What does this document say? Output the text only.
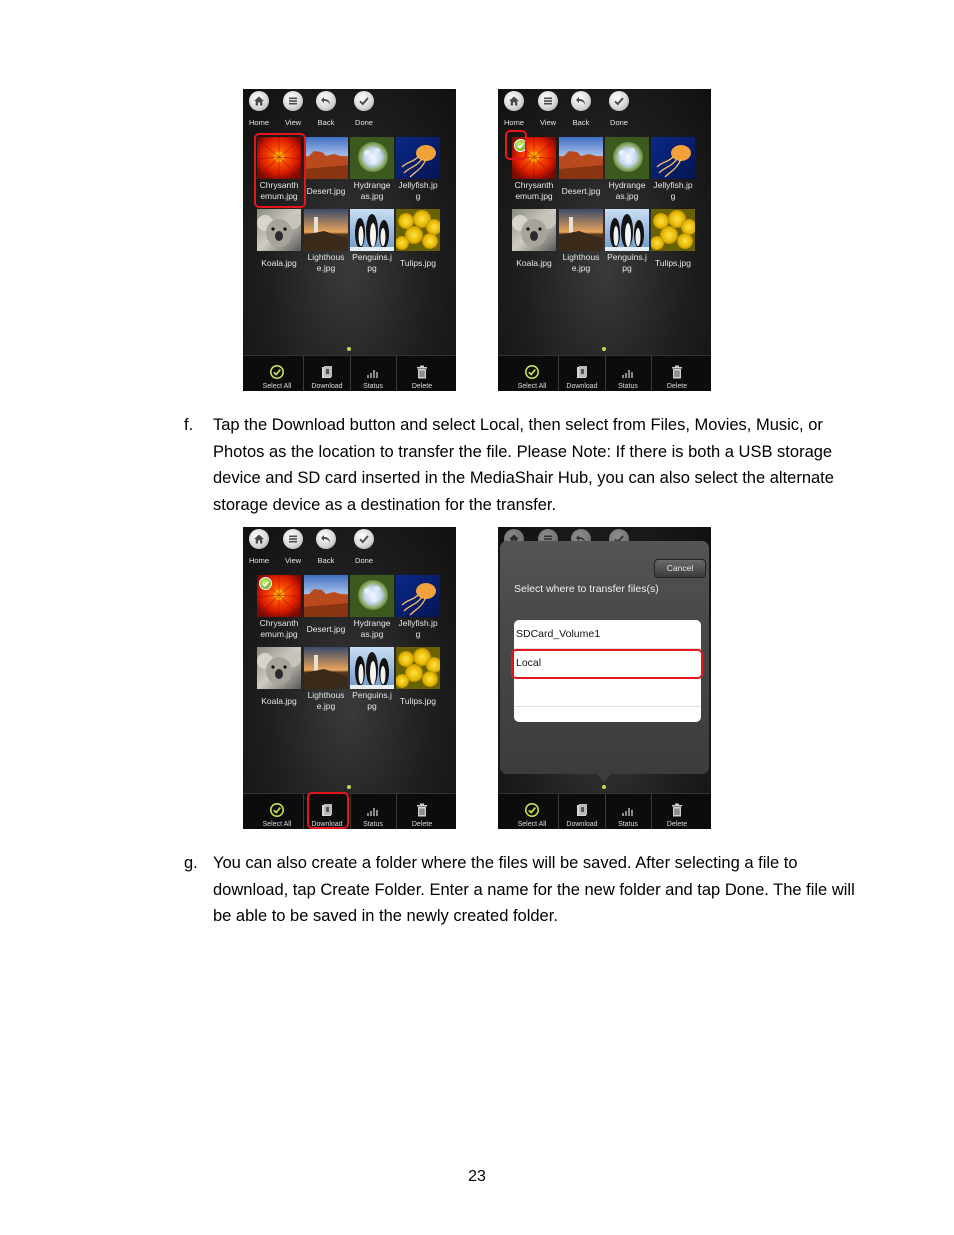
Home	View	Back	Done
Chrysanth
emum.jpg
Desert.jpg
Hydrange
as.jpg
Jellyfish.jp
g
Koala.jpg
Lighthous
e.jpg
Penguins.j
pg
Tulips.jpg
Select All	Download	Status	Delete
Home	View	Back	Done
Chrysanth
emum.jpg
Desert.jpg
Hydrange
as.jpg
Jellyfish.jp
g
Koala.jpg
Lighthous
e.jpg
Penguins.j
pg
Tulips.jpg
Select All	Download	Status	Delete
f. Tap the Download button and select Local, then select from Files, Movies, Music, or Photos as the location to transfer the file. Please Note: If there is both a USB storage device and SD card inserted in the MediaShair Hub, you can also select the alternate storage device as a destination for the transfer.
Home	View	Back	Done
Chrysanth
emum.jpg
Desert.jpg
Hydrange
as.jpg
Jellyfish.jp
g
Koala.jpg
Lighthous
e.jpg
Penguins.j
pg
Tulips.jpg
Select All	Download	Status	Delete
Cancel
Select where to transfer files(s)
SDCard_Volume1
Local
Select All	Download	Status	Delete
g. You can also create a folder where the files will be saved. After selecting a file to download, tap Create Folder. Enter a name for the new folder and tap Done. The file will be able to be saved in the newly created folder.
23
